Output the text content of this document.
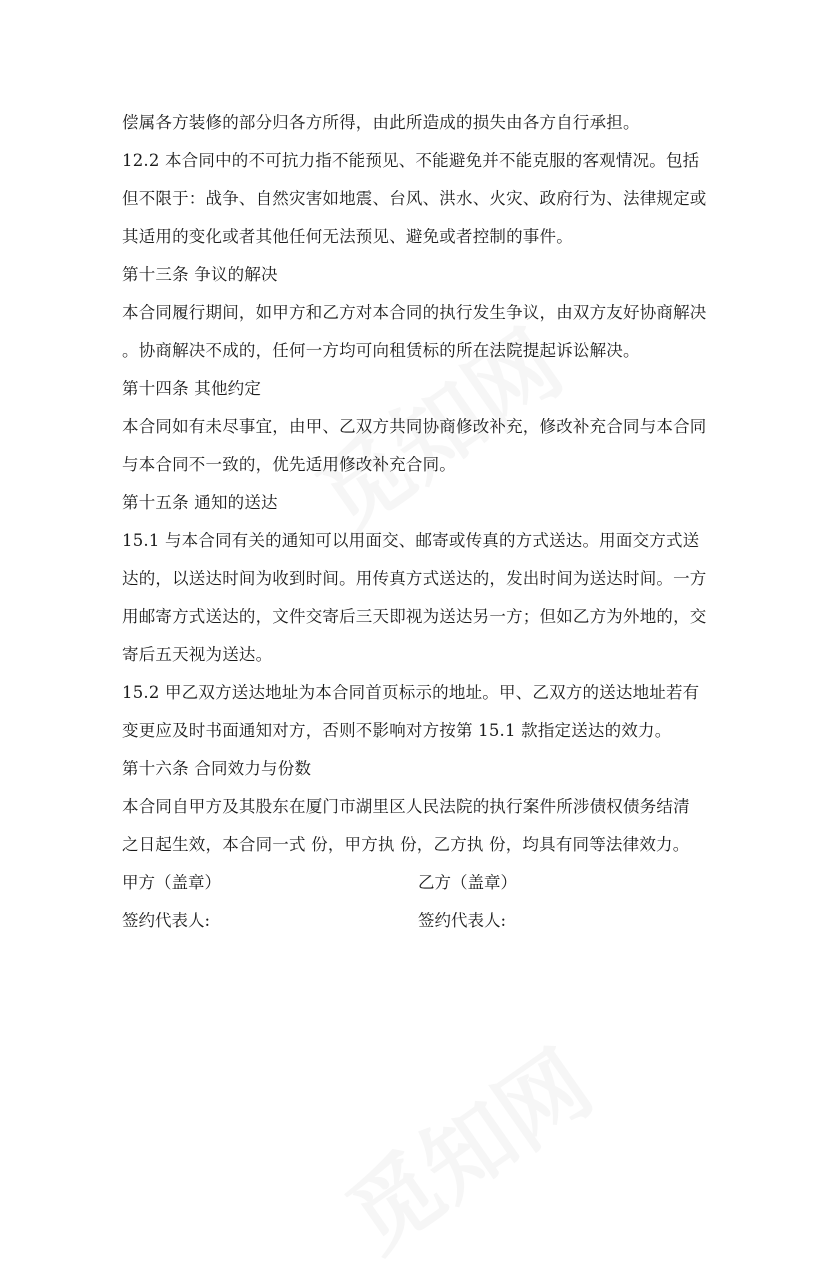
偿属各方装修的部分归各方所得，由此所造成的损失由各方自行承担。
12.2 本合同中的不可抗力指不能预见、不能避免并不能克服的客观情况。包括
但不限于：战争、自然灾害如地震、台风、洪水、火灾、政府行为、法律规定或
其适用的变化或者其他任何无法预见、避免或者控制的事件。
第十三条 争议的解决
本合同履行期间，如甲方和乙方对本合同的执行发生争议，由双方友好协商解决
。协商解决不成的，任何一方均可向租赁标的所在法院提起诉讼解决。
第十四条 其他约定
本合同如有未尽事宜，由甲、乙双方共同协商修改补充，修改补充合同与本合同
与本合同不一致的，优先适用修改补充合同。
第十五条 通知的送达
15.1 与本合同有关的通知可以用面交、邮寄或传真的方式送达。用面交方式送
达的，以送达时间为收到时间。用传真方式送达的，发出时间为送达时间。一方
用邮寄方式送达的，文件交寄后三天即视为送达另一方；但如乙方为外地的，交
寄后五天视为送达。
15.2 甲乙双方送达地址为本合同首页标示的地址。甲、乙双方的送达地址若有
变更应及时书面通知对方，否则不影响对方按第 15.1 款指定送达的效力。
第十六条 合同效力与份数
本合同自甲方及其股东在厦门市湖里区人民法院的执行案件所涉债权债务结清
之日起生效，本合同一式 份，甲方执 份，乙方执 份，均具有同等法律效力。
甲方（盖章）	乙方（盖章）
签约代表人:	签约代表人:
